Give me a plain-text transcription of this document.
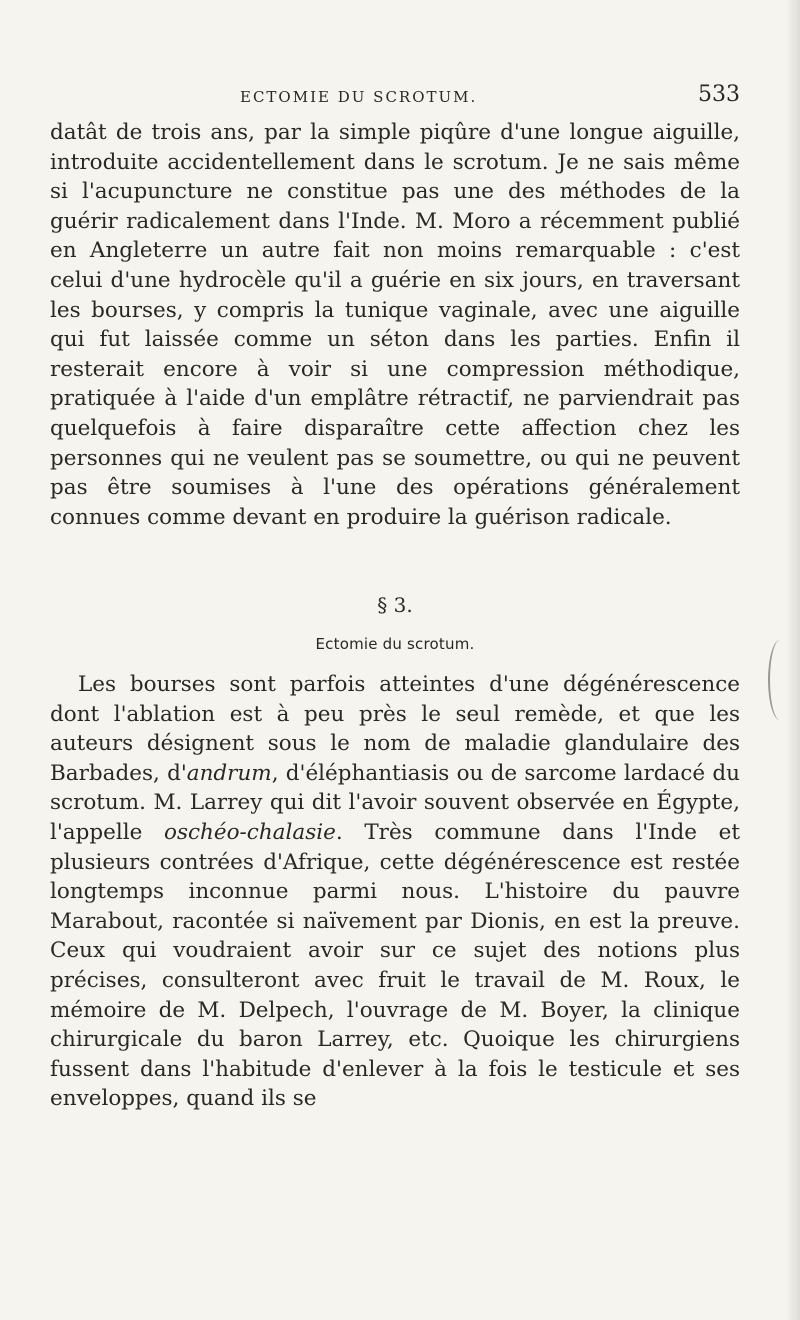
ECTOMIE DU SCROTUM.	533

datât de trois ans, par la simple piqûre d'une longue aiguille, introduite accidentellement dans le scrotum. Je ne sais même si l'acupuncture ne constitue pas une des méthodes de la guérir radicalement dans l'Inde. M. Moro a récemment publié en Angleterre un autre fait non moins remarquable : c'est celui d'une hydrocèle qu'il a guérie en six jours, en traversant les bourses, y compris la tunique vaginale, avec une aiguille qui fut laissée comme un séton dans les parties. Enfin il resterait encore à voir si une compression méthodique, pratiquée à l'aide d'un emplâtre rétractif, ne parviendrait pas quelquefois à faire disparaître cette affection chez les personnes qui ne veulent pas se soumettre, ou qui ne peuvent pas être soumises à l'une des opérations généralement connues comme devant en produire la guérison radicale.

§ 3.
Ectomie du scrotum.

Les bourses sont parfois atteintes d'une dégénérescence dont l'ablation est à peu près le seul remède, et que les auteurs désignent sous le nom de maladie glandulaire des Barbades, d'andrum, d'éléphantiasis ou de sarcome lardacé du scrotum. M. Larrey qui dit l'avoir souvent observée en Égypte, l'appelle oschéo-chalasie. Très commune dans l'Inde et plusieurs contrées d'Afrique, cette dégénérescence est restée longtemps inconnue parmi nous. L'histoire du pauvre Marabout, racontée si naïvement par Dionis, en est la preuve. Ceux qui voudraient avoir sur ce sujet des notions plus précises, consulteront avec fruit le travail de M. Roux, le mémoire de M. Delpech, l'ouvrage de M. Boyer, la clinique chirurgicale du baron Larrey, etc. Quoique les chirurgiens fussent dans l'habitude d'enlever à la fois le testicule et ses enveloppes, quand ils se
